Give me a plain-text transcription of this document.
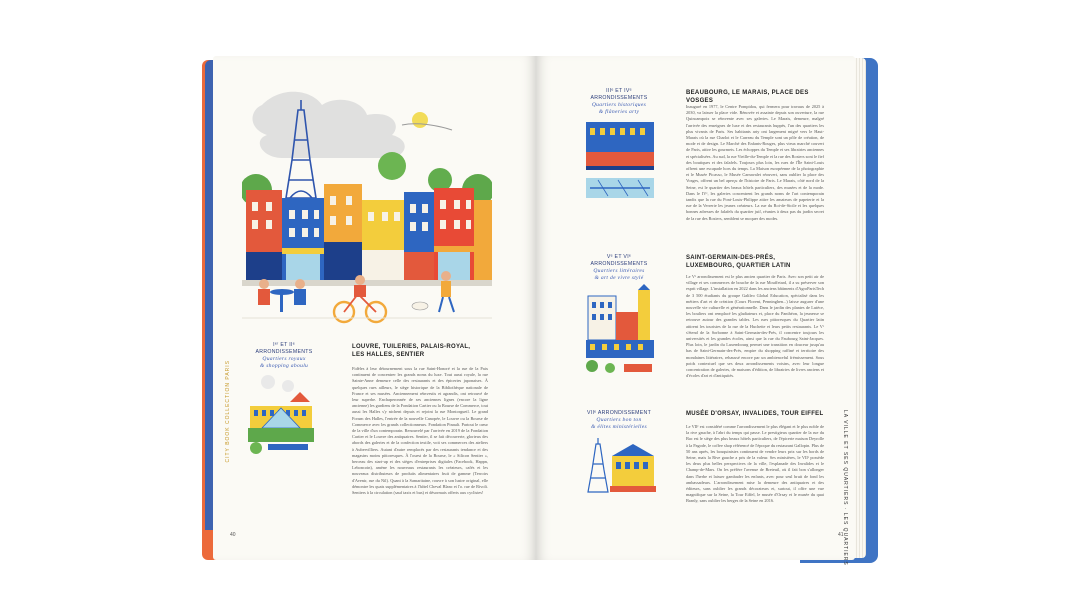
Iᵉʳ ET IIᵉ ARRONDISSEMENTS
Quartiers royaux
& shopping aboulu
LOUVRE, TUILERIES, PALAIS-ROYAL,
LES HALLES, SENTIER
Fidèles à leur détournement sous la rue Saint-Honoré et la rue de la Paix continuent de concentrer les grands noms du luxe. Tout aussi royale, la rue Sainte-Anne demeure celle des restaurants et des épiceries japonaises. À quelques rues ailleurs, le siège historique de la Bibliothèque nationale de France et ses musées. Anciennement réinvestis et agrandis, ont retrouvé de leur superbe. Enchaperonnée de ses anciennes lignes (encore la ligne ancienne) les gardiens de la Fondation Cartier ou la Bourse de Commerce, tout aussi les Halles s'y nichent depuis et rejoint la rue Montorgueil. Le grand Forum des Halles, l'entrée de la nouvelle Canopée, le Louvre ou la Bourse de Commerce avec les grands collectionneurs. Fondation Pinault. Partout le cœur de la ville d'un contemporain. Renouvelé par l'arrivée en 2019 de la Fondation Cartier et le Louvre des antiquaires. Sentier, il se fait découverte, glorieux des abords des galeries et de la confection textile, voit ses commerces des ateliers à Aubervilliers. Autant d'autre remplacés par des restaurants tendance et des magasins moins pittoresques. À l'ouest de la Bourse, le « Silicon Sentier », berceau des start-up et des sièges d'entreprises digitales (Facebook, Happn, Leboncoin), amène les nouveaux restaurants les créateurs, cafés et les nouveaux distributeurs de produits alimentaires fruit de gamme (Terroirs d'Avenir, rue du Nil). Quant à la Samaritaine, rouvre à son lustre original, elle démontre les quais supplémentaires à l'hôtel Cheval Blanc et l'o. rue de Rivoli. Sentiers à la circulation (sauf taxis et bus) et désormais offerts aux cyclistes!
CITY BOOK COLLECTION PARIS
40
IIIᵉ ET IVᵉ ARRONDISSEMENTS
Quartiers historiques
& flâneries arty
BEAUBOURG, LE MARAIS, PLACE DES VOSGES
Inauguré en 1977, le Centre Pompidou, qui fermera pour travaux de 2025 à 2030, va laisser la place vide. Rénovée et assainie depuis son ouverture, la rue Quincampoix se réinvente avec ses galeries. Le Marais, demeure, malgré l'arrivée des enseignes de luxe et des restaurants huppés, l'un des quartiers les plus vivants de Paris. Ses habitants arty ont largement migré vers le Haut-Marais où la rue Charlot et le Carreau du Temple sont un pôle de création, de mode et de design. Le Marché des Enfants-Rouges, plus vieux marché couvert de Paris, attire les gourmets. Les échoppes du Temple et ses librairies anciennes et spécialisées. Au sud, la rue Vieille-du-Temple et la rue des Rosiers sont le fief des boutiques et des falafels. Toujours plus loin, les rues de l'Île Saint-Louis offrent une escapade hors du temps. La Maison européenne de la photographie et le Musée Picasso, le Musée Carnavalet réouvert, sans oublier la place des Vosges, offrent un bel aperçu de l'histoire de Paris. Le Marais, côté nord de la Seine, est le quartier des beaux hôtels particuliers, des musées et de la mode. Dans le IVᵉ, les galeries concentrent les grands noms de l'art contemporain tandis que la rue du Pont-Louis-Philippe attire les amateurs de papeterie et la rue de la Verrerie les jeunes créateurs. La rue du Roi-de-Sicile et les quelques bonnes adresses de falafels du quartier juif, réunies à deux pas du jardin secret de la rue des Rosiers, semblent se moquer des modes.
Vᵉ ET VIᵉ ARRONDISSEMENTS
Quartiers littéraires
& art de vivre stylé
SAINT-GERMAIN-DES-PRÉS,
LUXEMBOURG, QUARTIER LATIN
Le Vᵉ arrondissement est le plus ancien quartier de Paris. Avec son petit air de village et ses commerces de bouche de la rue Mouffetard, il a su préserver son esprit village. L'installation en 2022 dans les anciens bâtiments d'AgroParisTech de 3 500 étudiants du groupe Galileo Global Education, spécialisé dans les métiers d'art et de création (Cours Florent, Penninghen...) laisse augurer d'une nouvelle vie culturelle et générationnelle. Dans le jardin des plantes de Lutèce, les bouliers ont remplacé les gladiateurs et, place du Panthéon, la jeunesse se retrouve autour des grandes tables. Les rues pittoresques du Quartier latin attirent les touristes de la rue de la Huchette et leurs petits restaurants. Le Vᵉ s'étend de la Sorbonne à Saint-Germain-des-Prés, il concentre toujours les universités et les grandes écoles, ainsi que la rue du Faubourg Saint-Jacques. Plus loin, le jardin du Luxembourg permet une transition en douceur jusqu'au bas de Saint-Germain-des-Prés, empire du shopping raffiné et territoire des mondaines littéraires, rehaussé encore par un ambienceful frémissement. Sous poids contextuel que ses deux arrondissements voisins, avec leur longue concentration de galeries, de maisons d'édition, de librairies de livres anciens et d'écoles d'art et d'antiquités.
VIIᵉ ARRONDISSEMENT
Quartiers bon ton
& élites ministérielles
MUSÉE D'ORSAY, INVALIDES, TOUR EIFFEL
Le VIIᵉ est considéré comme l'arrondissement le plus élégant et le plus noble de la rive gauche, à l'abri du temps qui passe. Le prestigieux quartier de la rue du Bac est le siège des plus beaux hôtels particuliers, de l'épicerie maison Deyrolle à la Pagode, le coffee shop référencé de l'époque du restaurant Gallopin. Plus de 50 ans après, les bouquinistes continuent de vendre leurs prix sur les bords de Seine, mais la Rive gauche a pris de la valeur. Ses ministères, le VIIᵉ possède les deux plus belles perspectives de la ville, l'esplanade des Invalides et le Champ-de-Mars. On les préfère l'avenue de Breteuil, où il fait bon s'allonger dans l'herbe et laisser gambader les enfants, avec pour seul bruit de fond les ambassadeurs. L'arrondissement mise la demeure des antiquaires et des éditeurs, sans oublier les grands décorateurs et, surtout, il offre une vue magnifique sur la Seine, la Tour Eiffel, le musée d'Orsay et le musée du quai Branly, sans oublier les berges de la Seine en 2016.	LA VILLE ET SES QUARTIERS · LES QUARTIERS
41
